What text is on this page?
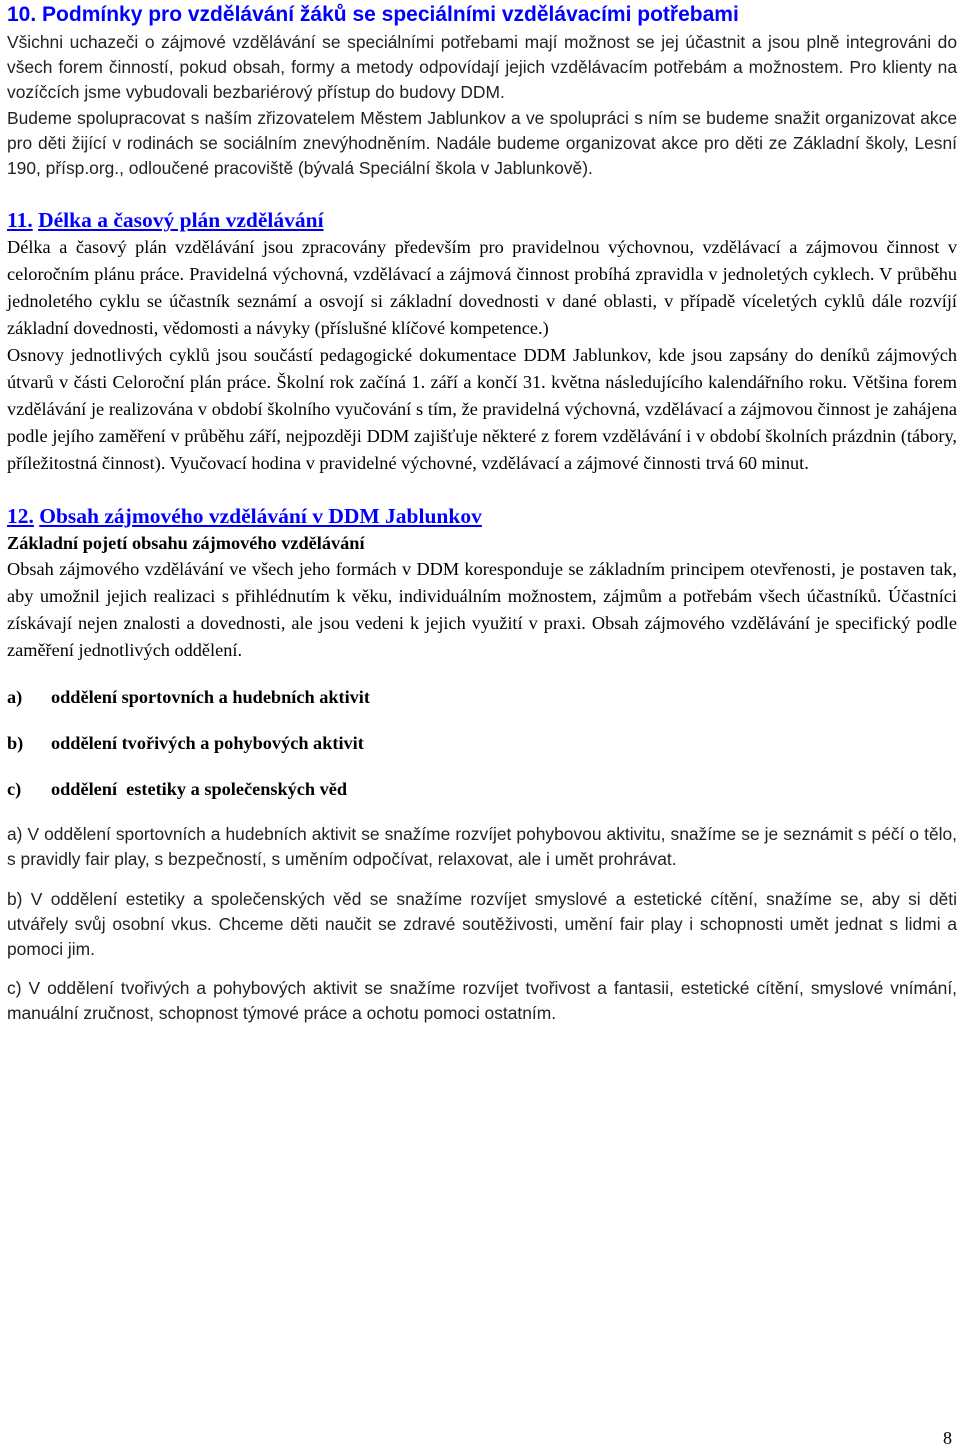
10. Podmínky pro vzdělávání žáků se speciálními vzdělávacími potřebami

Všichni uchazeči o zájmové vzdělávání se speciálními potřebami mají možnost se jej účastnit a jsou plně integrováni do všech forem činností, pokud obsah, formy a metody odpovídají jejich vzdělávacím potřebám a možnostem. Pro klienty na vozíčcích jsme vybudovali bezbariérový přístup do budovy DDM.

Budeme spolupracovat s naším zřizovatelem Městem Jablunkov a ve spolupráci s ním se budeme snažit organizovat akce pro děti žijící v rodinách se sociálním znevýhodněním. Nadále budeme organizovat akce pro děti ze Základní školy, Lesní 190, přísp.org., odloučené pracoviště (bývalá Speciální škola v Jablunkově).

11. Délka a časový plán vzdělávání

Délka a časový plán vzdělávání jsou zpracovány především pro pravidelnou výchovnou, vzdělávací a zájmovou činnost v celoročním plánu práce. Pravidelná výchovná, vzdělávací a zájmová činnost probíhá zpravidla v jednoletých cyklech. V průběhu jednoletého cyklu se účastník seznámí a osvojí si základní dovednosti v dané oblasti, v případě víceletých cyklů dále rozvíjí základní dovednosti, vědomosti a návyky (příslušné klíčové kompetence.)

Osnovy jednotlivých cyklů jsou součástí pedagogické dokumentace DDM Jablunkov, kde jsou zapsány do deníků zájmových útvarů v části Celoroční plán práce. Školní rok začíná 1. září a končí 31. května následujícího kalendářního roku. Většina forem vzdělávání je realizována v období školního vyučování s tím, že pravidelná výchovná, vzdělávací a zájmovou činnost je zahájena podle jejího zaměření v průběhu září, nejpozději DDM zajišťuje některé z forem vzdělávání i v období školních prázdnin (tábory, příležitostná činnost). Vyučovací hodina v pravidelné výchovné, vzdělávací a zájmové činnosti trvá 60 minut.

12. Obsah zájmového vzdělávání v DDM Jablunkov

Základní pojetí obsahu zájmového vzdělávání

Obsah zájmového vzdělávání ve všech jeho formách v DDM koresponduje se základním principem otevřenosti, je postaven tak, aby umožnil jejich realizaci s přihlédnutím k věku, individuálním možnostem, zájmům a potřebám všech účastníků. Účastníci získávají nejen znalosti a dovednosti, ale jsou vedeni k jejich využití v praxi. Obsah zájmového vzdělávání je specifický podle zaměření jednotlivých oddělení.

a)	oddělení sportovních a hudebních aktivit
b)	oddělení tvořivých a pohybových aktivit
c)	oddělení  estetiky a společenských věd

a) V oddělení sportovních a hudebních aktivit se snažíme rozvíjet pohybovou aktivitu, snažíme se je seznámit s péčí o tělo, s pravidly fair play, s bezpečností, s uměním odpočívat, relaxovat, ale i umět prohrávat.

b) V oddělení estetiky a společenských věd se snažíme rozvíjet smyslové a estetické cítění, snažíme se, aby si děti utvářely svůj osobní vkus. Chceme děti naučit se zdravé soutěživosti, umění fair play i schopnosti umět jednat s lidmi a pomoci jim.

c) V oddělení tvořivých a pohybových aktivit se snažíme rozvíjet tvořivost a fantasii, estetické cítění, smyslové vnímání, manuální zručnost, schopnost týmové práce a ochotu pomoci ostatním.

8
